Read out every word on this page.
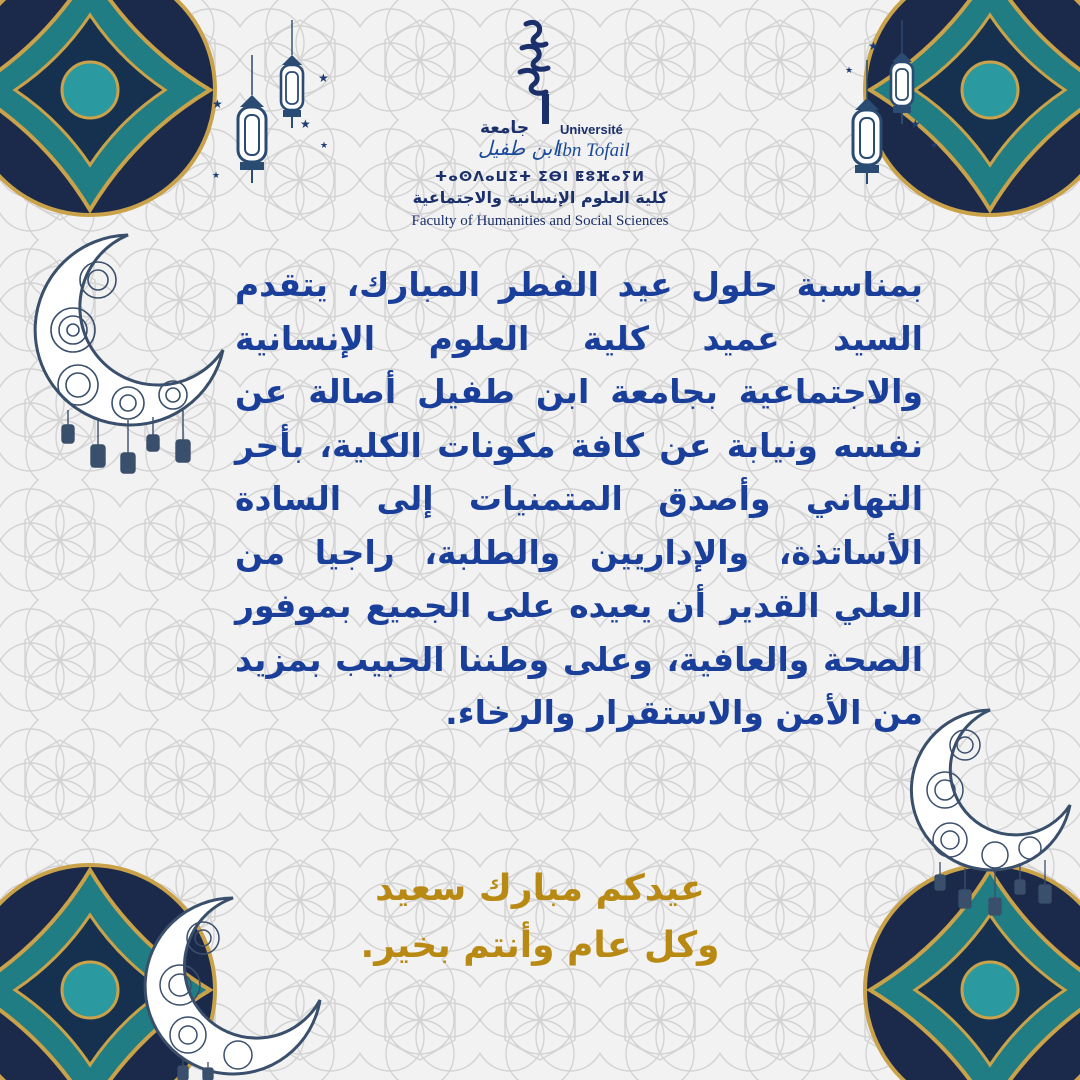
★
★
★
★
★
★
★
★
★
Université
جامعة
ابن طفيل
Ibn Tofail
ⵜⴰⵙⴷⴰⵡⵉⵜ ⵉⴱⵏ ⵟⵓⴼⴰⵢⵍ
كلية العلوم الإنسانية والاجتماعية
Faculty of Humanities and Social Sciences
بمناسبة حلول عيد الفطر المبارك، يتقدم السيد عميد كلية العلوم الإنسانية والاجتماعية بجامعة ابن طفيل أصالة عن نفسه ونيابة عن كافة مكونات الكلية، بأحر التهاني وأصدق المتمنيات إلى السادة الأساتذة، والإداريين والطلبة، راجيا من العلي القدير أن يعيده على الجميع بموفور الصحة والعافية، وعلى وطننا الحبيب بمزيد من الأمن والاستقرار والرخاء.
عيدكم مبارك سعيد
وكل عام وأنتم بخير.
